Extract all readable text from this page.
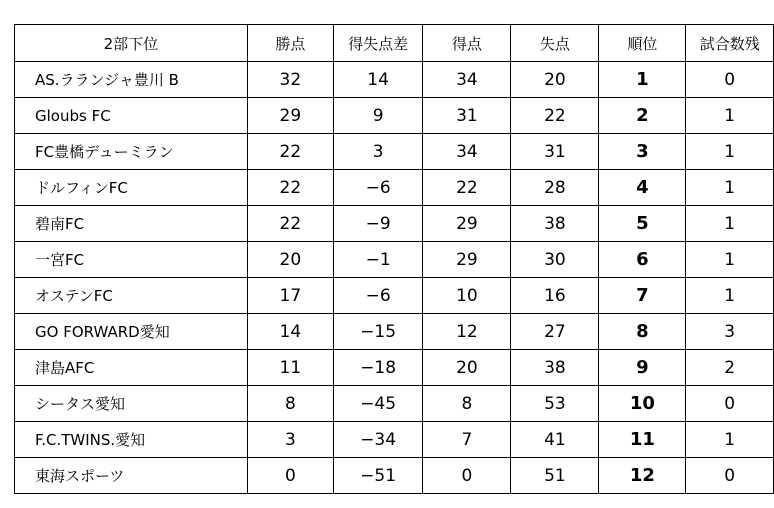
2部下位	勝点	得失点差	得点	失点	順位	試合数残
AS.ラランジャ豊川 B	32	14	34	20	1	0
Gloubs FC	29	9	31	22	2	1
FC豊橋デューミラン	22	3	34	31	3	1
ドルフィンFC	22	−6	22	28	4	1
碧南FC	22	−9	29	38	5	1
一宮FC	20	−1	29	30	6	1
オステンFC	17	−6	10	16	7	1
GO FORWARD愛知	14	−15	12	27	8	3
津島AFC	11	−18	20	38	9	2
シータス愛知	8	−45	8	53	10	0
F.C.TWINS.愛知	3	−34	7	41	11	1
東海スポーツ	0	−51	0	51	12	0
